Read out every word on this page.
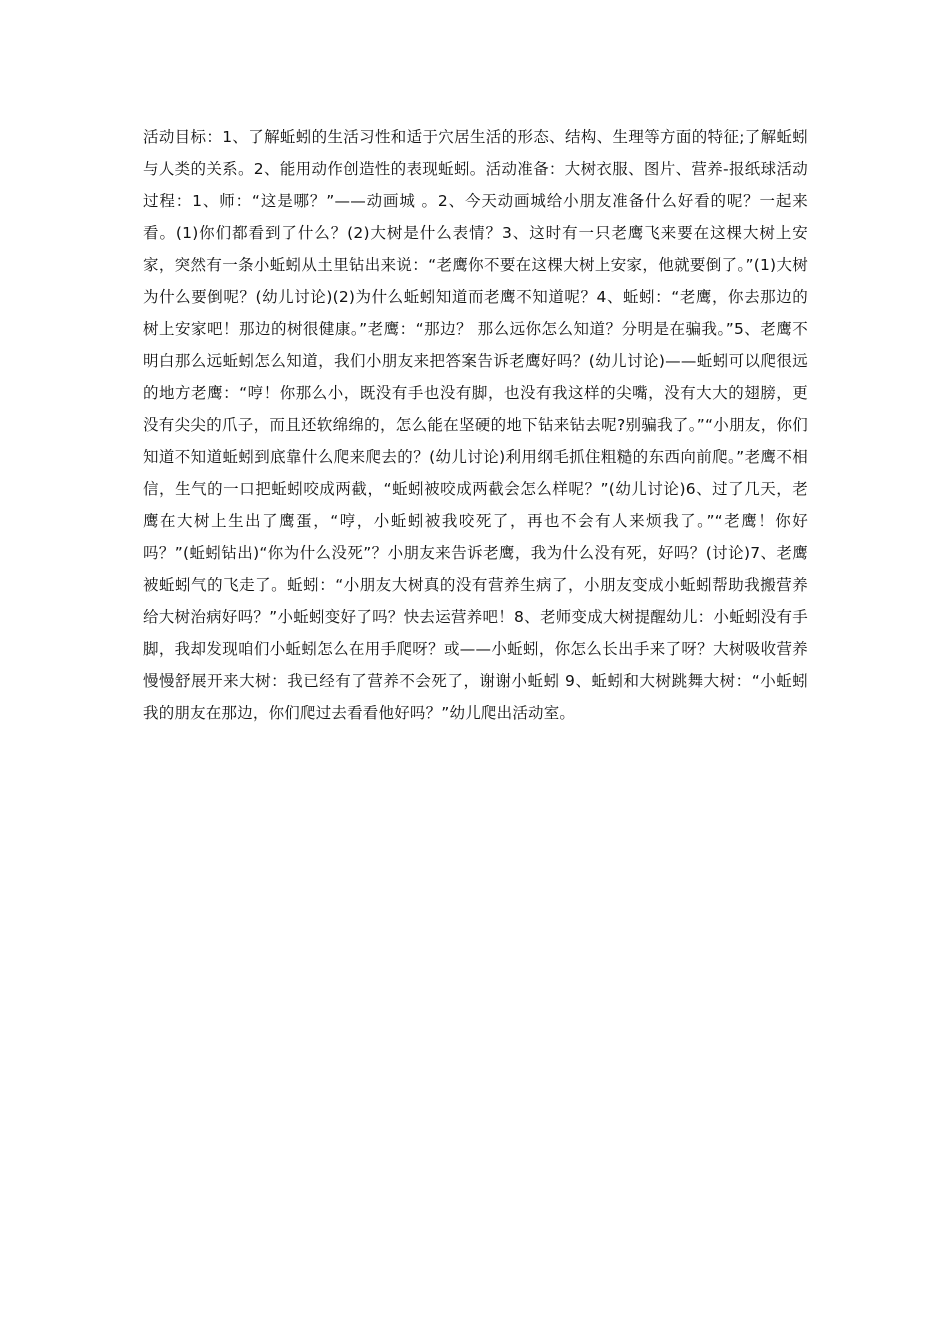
活动目标：1、了解蚯蚓的生活习性和适于穴居生活的形态、结构、生理等方面的特征;了解蚯蚓与人类的关系。2、能用动作创造性的表现蚯蚓。活动准备：大树衣服、图片、营养-报纸球活动过程：1、师：“这是哪？”——动画城 。2、今天动画城给小朋友准备什么好看的呢？一起来看。(1)你们都看到了什么？(2)大树是什么表情？3、这时有一只老鹰飞来要在这棵大树上安家，突然有一条小蚯蚓从土里钻出来说：“老鹰你不要在这棵大树上安家，他就要倒了。”(1)大树为什么要倒呢？(幼儿讨论)(2)为什么蚯蚓知道而老鹰不知道呢？4、蚯蚓：“老鹰，你去那边的树上安家吧！那边的树很健康。”老鹰：“那边？ 那么远你怎么知道？分明是在骗我。”5、老鹰不明白那么远蚯蚓怎么知道，我们小朋友来把答案告诉老鹰好吗？(幼儿讨论)——蚯蚓可以爬很远的地方老鹰：“哼！你那么小，既没有手也没有脚，也没有我这样的尖嘴，没有大大的翅膀，更没有尖尖的爪子，而且还软绵绵的，怎么能在坚硬的地下钻来钻去呢?别骗我了。”“小朋友，你们知道不知道蚯蚓到底靠什么爬来爬去的？(幼儿讨论)利用纲毛抓住粗糙的东西向前爬。”老鹰不相信，生气的一口把蚯蚓咬成两截，“蚯蚓被咬成两截会怎么样呢？”(幼儿讨论)6、过了几天，老鹰在大树上生出了鹰蛋，“哼，小蚯蚓被我咬死了，再也不会有人来烦我了。”“老鹰！你好吗？”(蚯蚓钻出)“你为什么没死”？小朋友来告诉老鹰，我为什么没有死，好吗？(讨论)7、老鹰被蚯蚓气的飞走了。蚯蚓：“小朋友大树真的没有营养生病了，小朋友变成小蚯蚓帮助我搬营养给大树治病好吗？”小蚯蚓变好了吗？快去运营养吧！8、老师变成大树提醒幼儿：小蚯蚓没有手脚，我却发现咱们小蚯蚓怎么在用手爬呀？或——小蚯蚓，你怎么长出手来了呀？大树吸收营养慢慢舒展开来大树：我已经有了营养不会死了，谢谢小蚯蚓 9、蚯蚓和大树跳舞大树：“小蚯蚓我的朋友在那边，你们爬过去看看他好吗？”幼儿爬出活动室。
